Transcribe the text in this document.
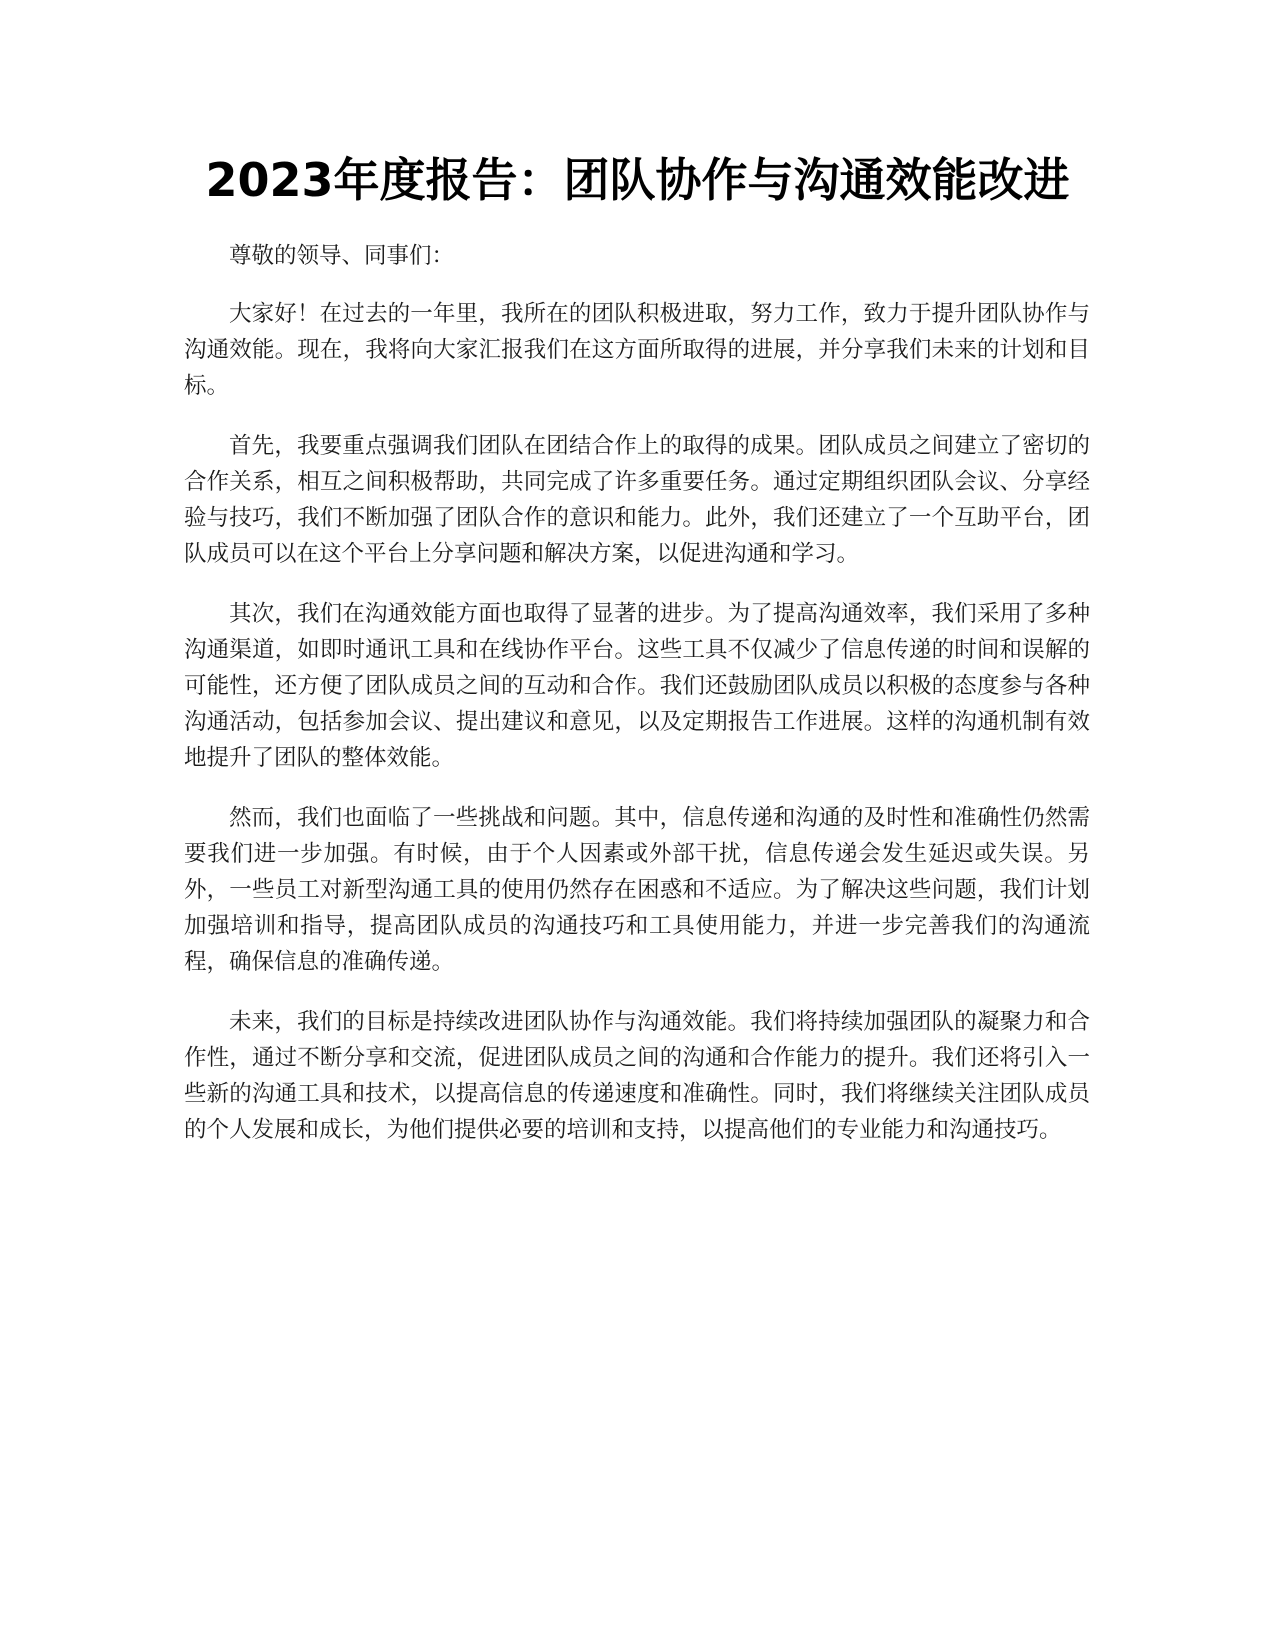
2023年度报告：团队协作与沟通效能改进

尊敬的领导、同事们：

大家好！在过去的一年里，我所在的团队积极进取，努力工作，致力于提升团队协作与沟通效能。现在，我将向大家汇报我们在这方面所取得的进展，并分享我们未来的计划和目标。

首先，我要重点强调我们团队在团结合作上的取得的成果。团队成员之间建立了密切的合作关系，相互之间积极帮助，共同完成了许多重要任务。通过定期组织团队会议、分享经验与技巧，我们不断加强了团队合作的意识和能力。此外，我们还建立了一个互助平台，团队成员可以在这个平台上分享问题和解决方案，以促进沟通和学习。

其次，我们在沟通效能方面也取得了显著的进步。为了提高沟通效率，我们采用了多种沟通渠道，如即时通讯工具和在线协作平台。这些工具不仅减少了信息传递的时间和误解的可能性，还方便了团队成员之间的互动和合作。我们还鼓励团队成员以积极的态度参与各种沟通活动，包括参加会议、提出建议和意见，以及定期报告工作进展。这样的沟通机制有效地提升了团队的整体效能。

然而，我们也面临了一些挑战和问题。其中，信息传递和沟通的及时性和准确性仍然需要我们进一步加强。有时候，由于个人因素或外部干扰，信息传递会发生延迟或失误。另外，一些员工对新型沟通工具的使用仍然存在困惑和不适应。为了解决这些问题，我们计划加强培训和指导，提高团队成员的沟通技巧和工具使用能力，并进一步完善我们的沟通流程，确保信息的准确传递。

未来，我们的目标是持续改进团队协作与沟通效能。我们将持续加强团队的凝聚力和合作性，通过不断分享和交流，促进团队成员之间的沟通和合作能力的提升。我们还将引入一些新的沟通工具和技术，以提高信息的传递速度和准确性。同时，我们将继续关注团队成员的个人发展和成长，为他们提供必要的培训和支持，以提高他们的专业能力和沟通技巧。
